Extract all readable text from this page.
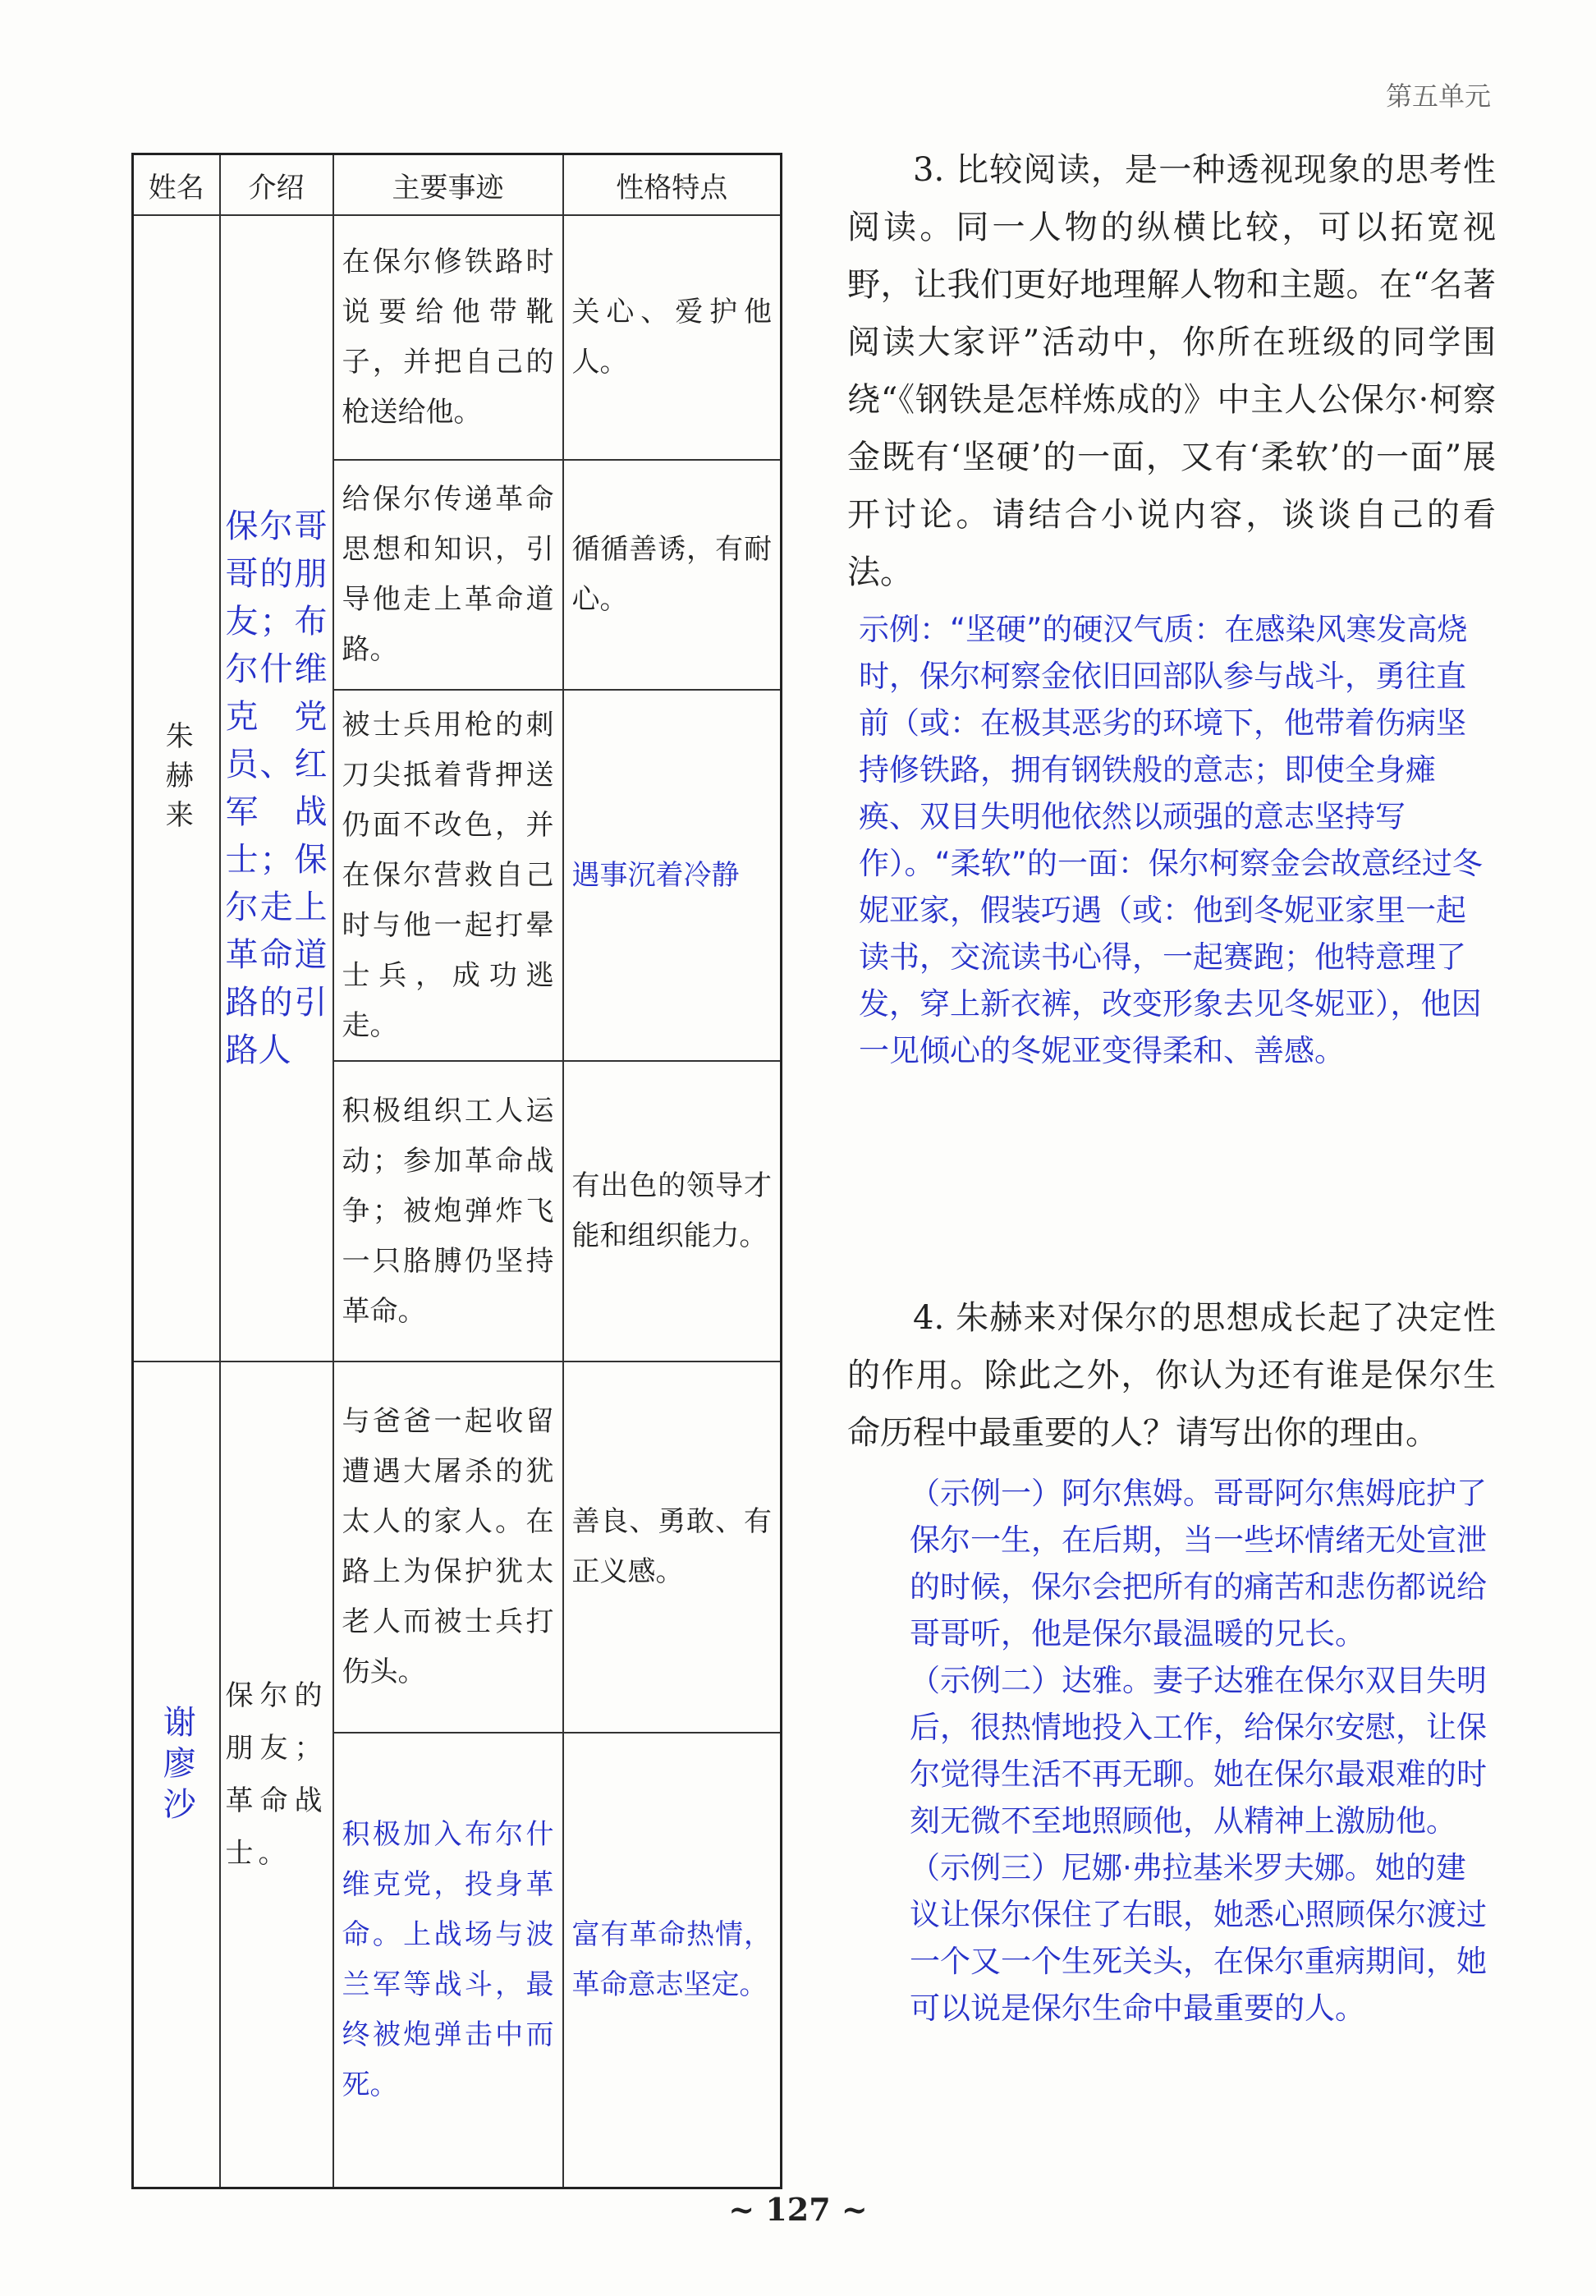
第五单元
姓名	介绍	主要事迹	性格特点
朱赫来	保尔哥哥的朋友；布尔什维克党员、红军战士；保尔走上革命道路的引路人	在保尔修铁路时说要给他带靴子，并把自己的枪送给他。	关心、爱护他人。
		给保尔传递革命思想和知识，引导他走上革命道路。	循循善诱，有耐心。
		被士兵用枪的刺刀尖抵着背押送仍面不改色，并在保尔营救自己时与他一起打晕士兵，成功逃走。	遇事沉着冷静
		积极组织工人运动；参加革命战争；被炮弹炸飞一只胳膊仍坚持革命。	有出色的领导才能和组织能力。
谢廖沙	保尔的朋友；革命战士。	与爸爸一起收留遭遇大屠杀的犹太人的家人。在路上为保护犹太老人而被士兵打伤头。	善良、勇敢、有正义感。
		积极加入布尔什维克党，投身革命。上战场与波兰军等战斗，最终被炮弹击中而死。	富有革命热情，革命意志坚定。

3. 比较阅读，是一种透视现象的思考性阅读。同一人物的纵横比较，可以拓宽视野，让我们更好地理解人物和主题。在“名著阅读大家评”活动中，你所在班级的同学围绕“《钢铁是怎样炼成的》中主人公保尔·柯察金既有‘坚硬’的一面，又有‘柔软’的一面”展开讨论。请结合小说内容，谈谈自己的看法。

示例：“坚硬”的硬汉气质：在感染风寒发高烧时，保尔柯察金依旧回部队参与战斗，勇往直前（或：在极其恶劣的环境下，他带着伤病坚持修铁路，拥有钢铁般的意志；即使全身瘫痪、双目失明他依然以顽强的意志坚持写作）。“柔软”的一面：保尔柯察金会故意经过冬妮亚家，假装巧遇（或：他到冬妮亚家里一起读书，交流读书心得，一起赛跑；他特意理了发，穿上新衣裤，改变形象去见冬妮亚），他因一见倾心的冬妮亚变得柔和、善感。

4. 朱赫来对保尔的思想成长起了决定性的作用。除此之外，你认为还有谁是保尔生命历程中最重要的人？请写出你的理由。

（示例一）阿尔焦姆。哥哥阿尔焦姆庇护了保尔一生，在后期，当一些坏情绪无处宣泄的时候，保尔会把所有的痛苦和悲伤都说给哥哥听，他是保尔最温暖的兄长。

（示例二）达雅。妻子达雅在保尔双目失明后，很热情地投入工作，给保尔安慰，让保尔觉得生活不再无聊。她在保尔最艰难的时刻无微不至地照顾他，从精神上激励他。

（示例三）尼娜·弗拉基米罗夫娜。她的建议让保尔保住了右眼，她悉心照顾保尔渡过一个又一个生死关头，在保尔重病期间，她可以说是保尔生命中最重要的人。

~ 127 ~
